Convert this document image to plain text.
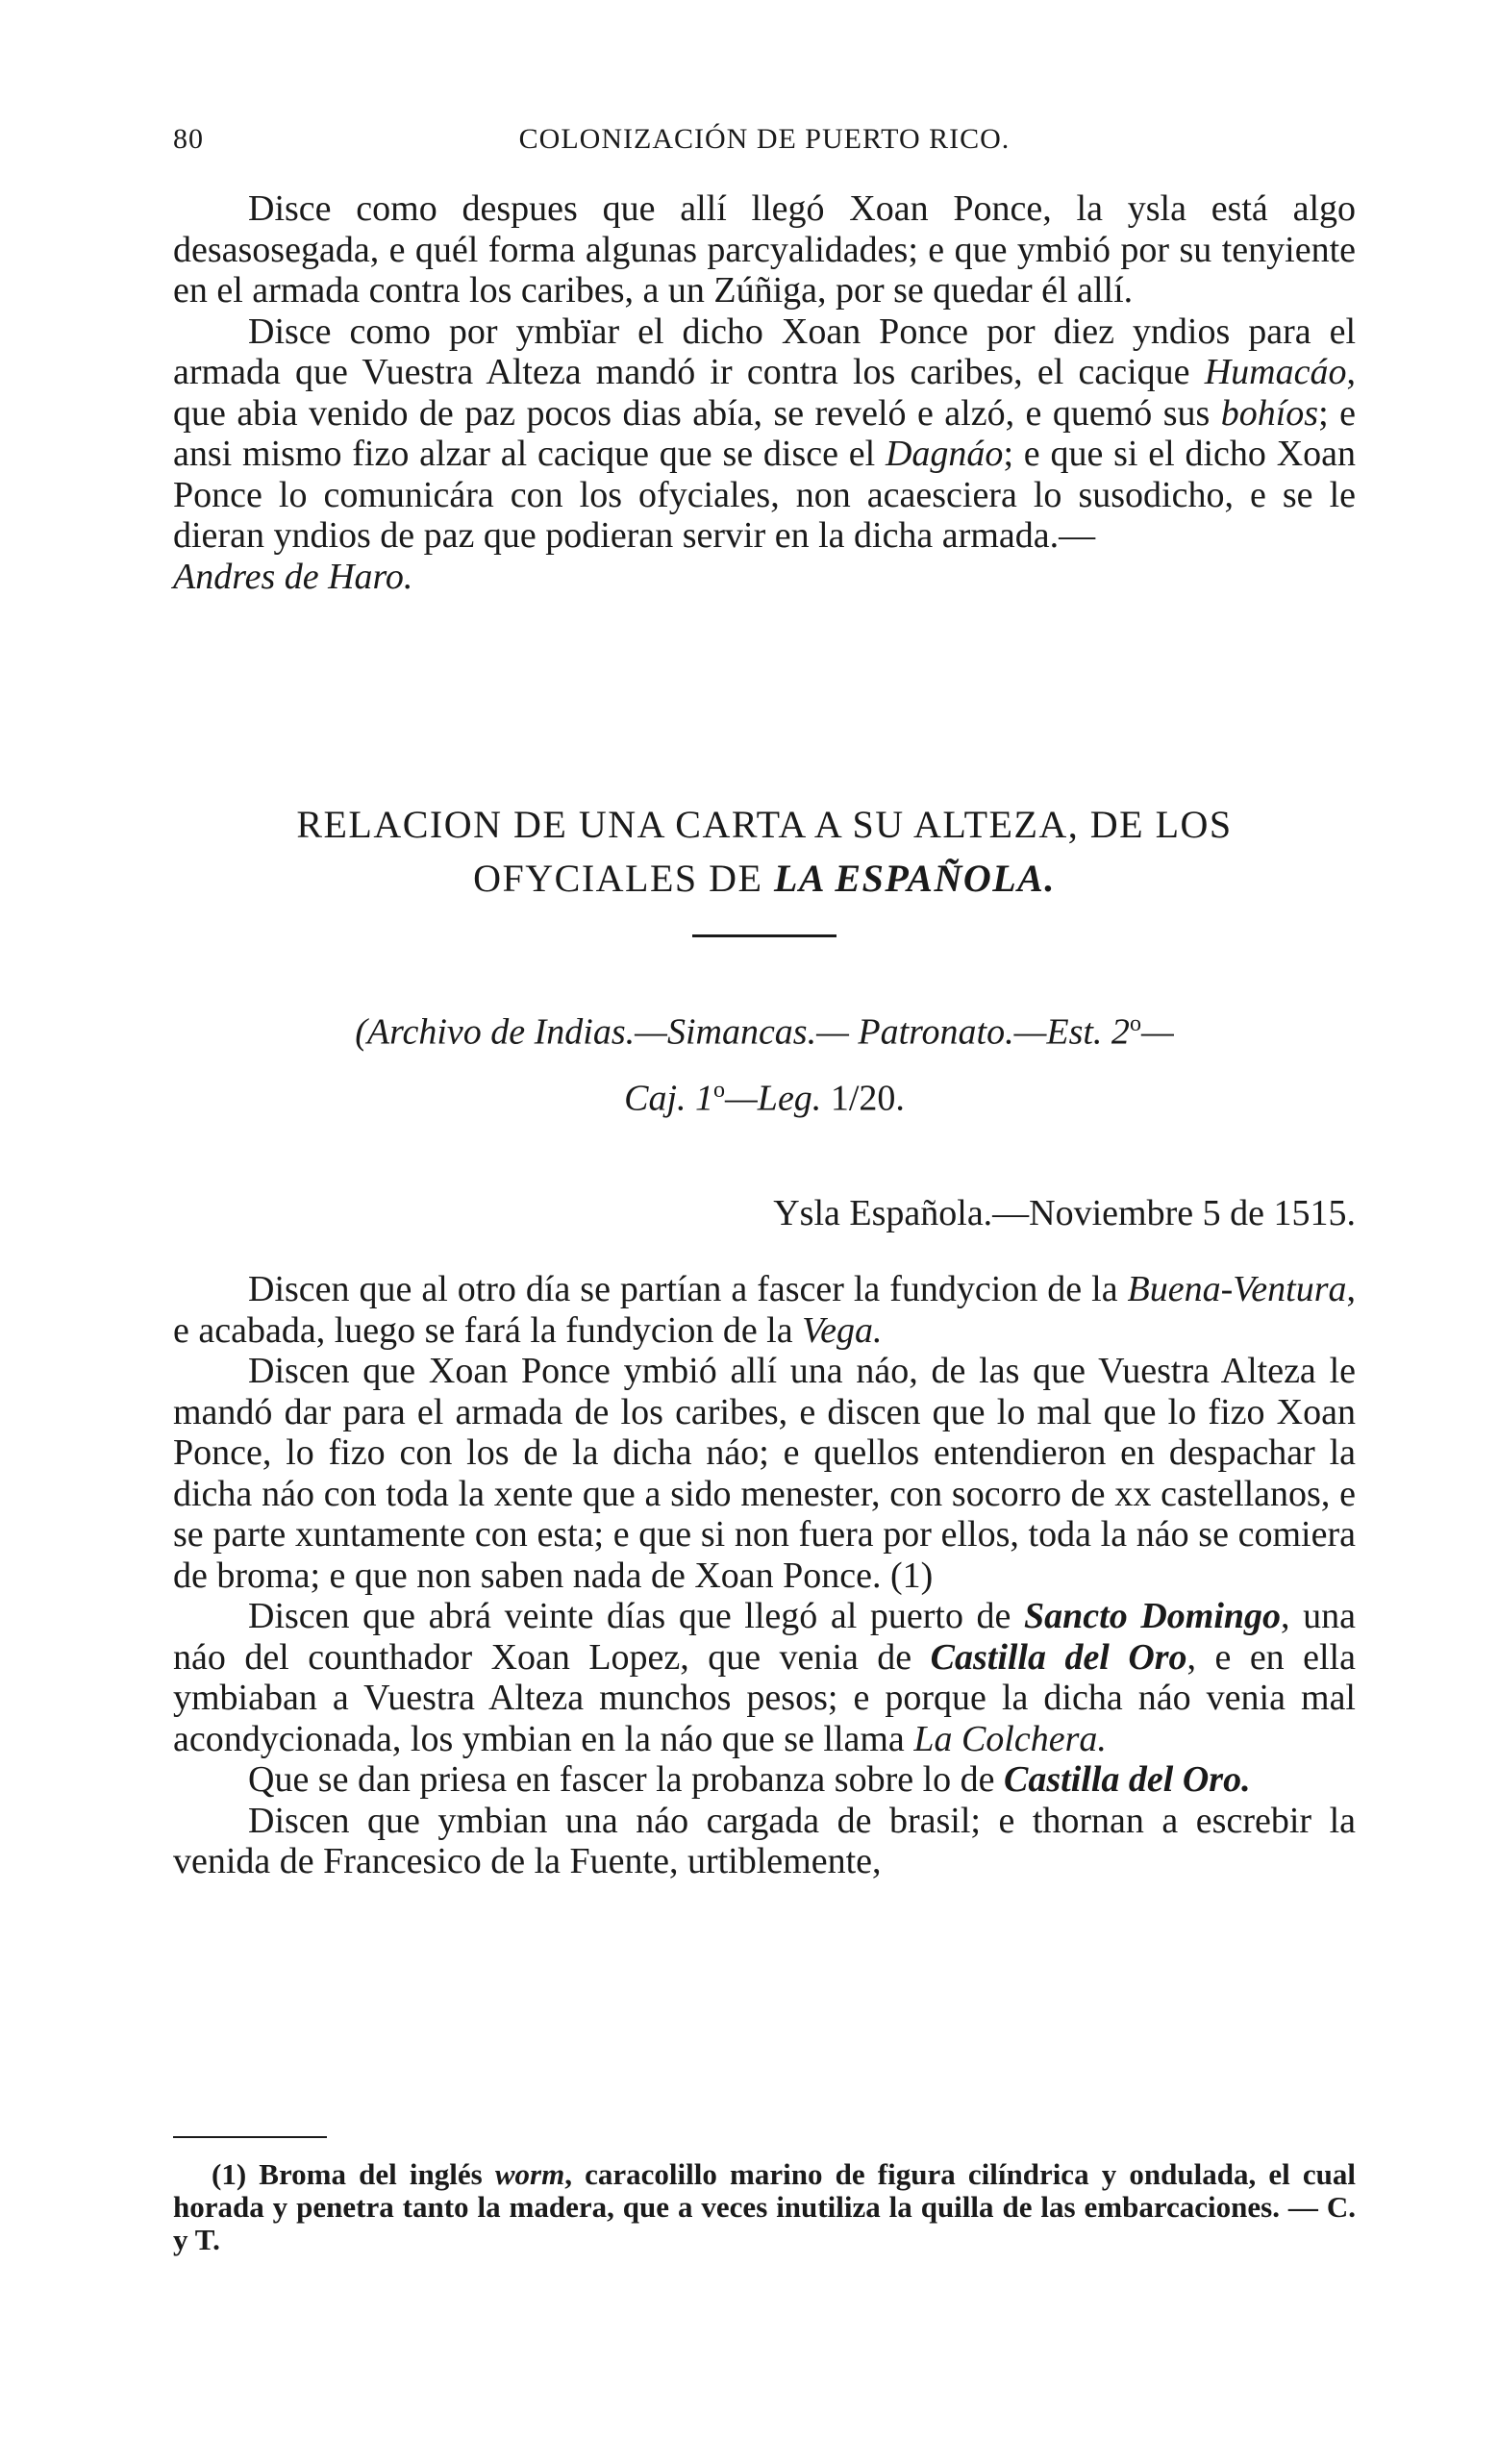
80	COLONIZACIÓN DE PUERTO RICO.

Disce como despues que allí llegó Xoan Ponce, la ysla está algo desasosegada, e quél forma algunas parcyalidades; e que ymbió por su tenyiente en el armada contra los caribes, a un Zúñiga, por se quedar él allí.

Disce como por ymbïar el dicho Xoan Ponce por diez yndios para el armada que Vuestra Alteza mandó ir contra los caribes, el cacique Humacáo, que abia venido de paz pocos dias abía, se reveló e alzó, e quemó sus bohíos; e ansi mismo fizo alzar al cacique que se disce el Dagnáo; e que si el dicho Xoan Ponce lo comunicára con los ofyciales, non acaesciera lo susodicho, e se le dieran yndios de paz que podieran servir en la dicha armada.—

Andres de Haro.

RELACION DE UNA CARTA A SU ALTEZA, DE LOS
OFYCIALES DE LA ESPAÑOLA.
(Archivo de Indias.—Simancas.— Patronato.—Est. 2$^o$—
Caj. 1$^o$—Leg. 1/20.
Ysla Española.—Noviembre 5 de 1515.

Discen que al otro día se partían a fascer la fundycion de la Buena-Ventura, e acabada, luego se fará la fundycion de la Vega.

Discen que Xoan Ponce ymbió allí una náo, de las que Vuestra Alteza le mandó dar para el armada de los caribes, e discen que lo mal que lo fizo Xoan Ponce, lo fizo con los de la dicha náo; e quellos entendieron en despachar la dicha náo con toda la xente que a sido menester, con socorro de xx castellanos, e se parte xuntamente con esta; e que si non fuera por ellos, toda la náo se comiera de broma; e que non saben nada de Xoan Ponce. (1)

Discen que abrá veinte días que llegó al puerto de Sancto Domingo, una náo del counthador Xoan Lopez, que venia de Castilla del Oro, e en ella ymbiaban a Vuestra Alteza munchos pesos; e porque la dicha náo venia mal acondycionada, los ymbian en la náo que se llama La Colchera.

Que se dan priesa en fascer la probanza sobre lo de Castilla del Oro.

Discen que ymbian una náo cargada de brasil; e thornan a escrebir la venida de Francesico de la Fuente, urtiblemente,

(1) Broma del inglés worm, caracolillo marino de figura cilíndrica y ondulada, el cual horada y penetra tanto la madera, que a veces inutiliza la quilla de las embarcaciones. — C. y T.
